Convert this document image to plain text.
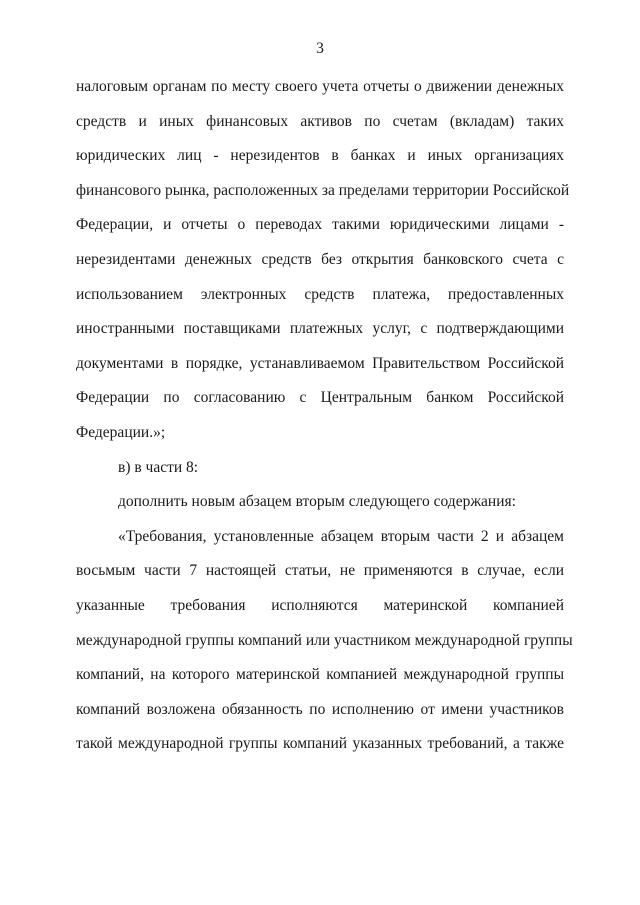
3
налоговым органам по месту своего учета отчеты о движении денежных
средств и иных финансовых активов по счетам (вкладам) таких
юридических лиц - нерезидентов в банках и иных организациях
финансового рынка, расположенных за пределами территории Российской
Федерации, и отчеты о переводах такими юридическими лицами -
нерезидентами денежных средств без открытия банковского счета с
использованием электронных средств платежа, предоставленных
иностранными поставщиками платежных услуг, с подтверждающими
документами в порядке, устанавливаемом Правительством Российской
Федерации по согласованию с Центральным банком Российской
Федерации.»;
в) в части 8:
дополнить новым абзацем вторым следующего содержания:
«Требования, установленные абзацем вторым части 2 и абзацем
восьмым части 7 настоящей статьи, не применяются в случае, если
указанные требования исполняются материнской компанией
международной группы компаний или участником международной группы
компаний, на которого материнской компанией международной группы
компаний возложена обязанность по исполнению от имени участников
такой международной группы компаний указанных требований, а также
